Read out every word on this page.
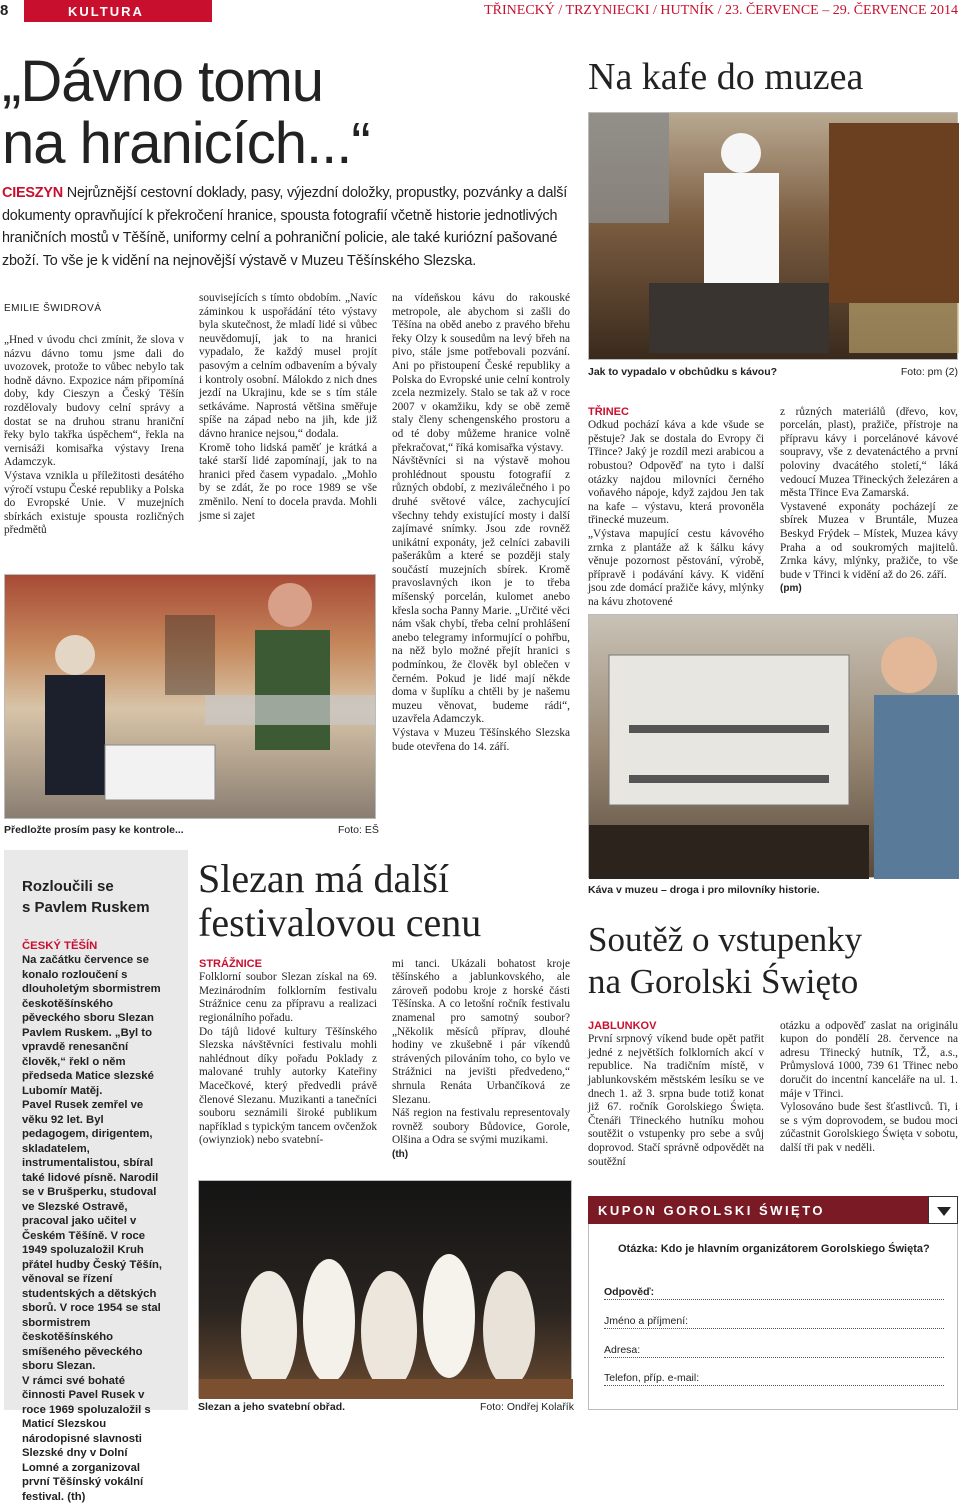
8	KULTURA	TŘINECKÝ / TRZYNIECKI / HUTNÍK / 23. ČERVENCE – 29. ČERVENCE 2014
„Dávno tomu
na hranicích...“
CIESZYN Nejrůznější cestovní doklady, pasy, výjezdní doložky, propustky, pozvánky a další dokumenty opravňující k překročení hranice, spousta fotografií včetně historie jednotlivých hraničních mostů v Těšíně, uniformy celní a pohraniční policie, ale také kuriózní pašované zboží. To vše je k vidění na nejnovější výstavě v Muzeu Těšínského Slezska.
EMILIE ŠWIDROVÁ
„Hned v úvodu chci zmínit, že slova v názvu dávno tomu jsme dali do uvozovek, protože to vůbec nebylo tak hodně dávno. Expozice nám připomíná doby, kdy Cieszyn a Český Těšín rozdělovaly budovy celní správy a dostat se na druhou stranu hraniční řeky bylo takřka úspěchem“, řekla na vernisáži komisařka výstavy Irena Adamczyk.
Výstava vznikla u příležitosti desátého výročí vstupu České republiky a Polska do Evropské Unie. V muzejních sbírkách existuje spousta rozličných předmětů
souvisejících s tímto obdobím. „Navíc záminkou k uspořádání této výstavy byla skutečnost, že mladí lidé si vůbec neuvědomují, jak to na hranici vypadalo, že každý musel projít pasovým a celním odbavením a bývaly i kontroly osobní. Málokdo z nich dnes jezdí na Ukrajinu, kde se s tím stále setkáváme. Naprostá většina směřuje spíše na západ nebo na jih, kde již dávno hranice nejsou,“ dodala.
Kromě toho lidská paměť je krátká a také starší lidé zapomínají, jak to na hranici před časem vypadalo. „Mohlo by se zdát, že po roce 1989 se vše změnilo. Není to docela pravda. Mohli jsme si zajet
na vídeňskou kávu do rakouské metropole, ale abychom si zašli do Těšína na oběd anebo z pravého břehu řeky Olzy k sousedům na levý břeh na pivo, stále jsme potřebovali pozvání. Ani po přistoupení České republiky a Polska do Evropské unie celní kontroly zcela nezmizely. Stalo se tak až v roce 2007 v okamžiku, kdy se obě země staly členy schengenského prostoru a od té doby můžeme hranice volně překračovat,“ říká komisařka výstavy.
Návštěvníci si na výstavě mohou prohlédnout spoustu fotografií z různých období, z meziválečného i po druhé světové válce, zachycující všechny tehdy existující mosty i další zajímavé snímky. Jsou zde rovněž unikátní exponáty, jež celníci zabavili pašerákům a které se později staly součástí muzejních sbírek. Kromě pravoslavných ikon je to třeba míšenský porcelán, kulomet anebo křesla socha Panny Marie. „Určité věci nám však chybí, třeba celní prohlášení anebo telegramy informující o pohřbu, na něž bylo možné přejít hranici s podmínkou, že člověk byl oblečen v černém. Pokud je lidé mají někde doma v šuplíku a chtěli by je našemu muzeu věnovat, budeme rádi“, uzavřela Adamczyk.
Výstava v Muzeu Těšínského Slezska bude otevřena do 14. září.
Předložte prosím pasy ke kontrole...	Foto: EŠ
Na kafe do muzea
Jak to vypadalo v obchůdku s kávou?	Foto: pm (2)

TŘINEC
Odkud pochází káva a kde všude se pěstuje? Jak se dostala do Evropy či Třince? Jaký je rozdíl mezi arabicou a robustou? Odpověď na tyto i další otázky najdou milovníci černého voňavého nápoje, když zajdou Jen tak na kafe – výstavu, která provoněla třinecké muzeum.
„Výstava mapující cestu kávového zrnka z plantáže až k šálku kávy věnuje pozornost pěstování, výrobě, přípravě i podávání kávy. K vidění jsou zde domácí pražiče kávy, mlýnky na kávu zhotovené

z různých materiálů (dřevo, kov, porcelán, plast), pražiče, přístroje na přípravu kávy i porcelánové kávové soupravy, vše z devatenáctého a první poloviny dvacátého století,“ láká vedoucí Muzea Třineckých železáren a města Třince Eva Zamarská.
Vystavené exponáty pocházejí ze sbírek Muzea v Bruntále, Muzea Beskyd Frýdek – Místek, Muzea kávy Praha a od soukromých majitelů. Zrnka kávy, mlýnky, pražiče, to vše bude v Třinci k vidění až do 26. září.
(pm)

Káva v muzeu – droga i pro milovníky historie.
Rozloučili se
s Pavlem Ruskem

ČESKÝ TĚŠÍN
Na začátku července se konalo rozloučení s dlouholetým sbormistrem českotěšínského pěveckého sboru Slezan Pavlem Ruskem. „Byl to vpravdě renesanční člověk,“ řekl o něm předseda Matice slezské Lubomír Matěj.
Pavel Rusek zemřel ve věku 92 let. Byl pedagogem, dirigentem, skladatelem, instrumentalistou, sbíral také lidové písně. Narodil se v Brušperku, studoval ve Slezské Ostravě, pracoval jako učitel v Českém Těšíně. V roce 1949 spoluzaložil Kruh přátel hudby Český Těšín, věnoval se řízení studentských a dětských sborů. V roce 1954 se stal sbormistrem českotěšínského smíšeného pěveckého sboru Slezan.
V rámci své bohaté činnosti Pavel Rusek v roce 1969 spoluzaložil s Maticí Slezskou národopisné slavnosti Slezské dny v Dolní Lomné a zorganizoval první Těšínský vokální festival. (th)

Slezan má další
festivalovou cenu

STRÁŽNICE
Folklorní soubor Slezan získal na 69. Mezinárodním folklorním festivalu Strážnice cenu za přípravu a realizaci regionálního pořadu.
Do tájů lidové kultury Těšínského Slezska návštěvníci festivalu mohli nahlédnout díky pořadu Poklady z malované truhly autorky Kateřiny Macečkové, který předvedli právě členové Slezanu. Muzikanti a tanečníci souboru seznámili široké publikum například s typickým tancem ovčenžok (owiynziok) nebo svatební-

mi tanci. Ukázali bohatost kroje těšínského a jablunkovského, ale zároveň podobu kroje z horské části Těšínska. A co letošní ročník festivalu znamenal pro samotný soubor? „Několik měsíců příprav, dlouhé hodiny ve zkušebně i pár víkendů strávených pilováním toho, co bylo ve Strážnici na jevišti předvedeno,“ shrnula Renáta Urbančíková ze Slezanu.
Náš region na festivalu representovaly rovněž soubory Bůdovice, Gorole, Olšina a Odra se svými muzikami.
(th)

Slezan a jeho svatební obřad.	Foto: Ondřej Kolařík
Soutěž o vstupenky
na Gorolski Święto

JABLUNKOV
První srpnový víkend bude opět patřit jedné z největších folklorních akcí v republice. Na tradičním místě, v jablunkovském městském lesíku se ve dnech 1. až 3. srpna bude totiž konat již 67. ročník Gorolskiego Święta. Čtenáři Třineckého hutníku mohou soutěžit o vstupenky pro sebe a svůj doprovod. Stačí správně odpovědět na soutěžní

otázku a odpověď zaslat na originálu kupon do pondělí 28. července na adresu Třinecký hutník, TŽ, a.s., Průmyslová 1000, 739 61 Třinec nebo doručit do incentní kanceláře na ul. 1. máje v Třinci.
Vylosováno bude šest šťastlivců. Ti, i se s vým doprovodem, se budou moci zúčastnit Gorolskiego Święta v sobotu, další tři pak v neděli.

KUPON GOROLSKI ŚWIĘTO
Otázka: Kdo je hlavním organizátorem Gorolskiego Święta?
Odpověď:
Jméno a příjmení:
Adresa:
Telefon, příp. e-mail:
